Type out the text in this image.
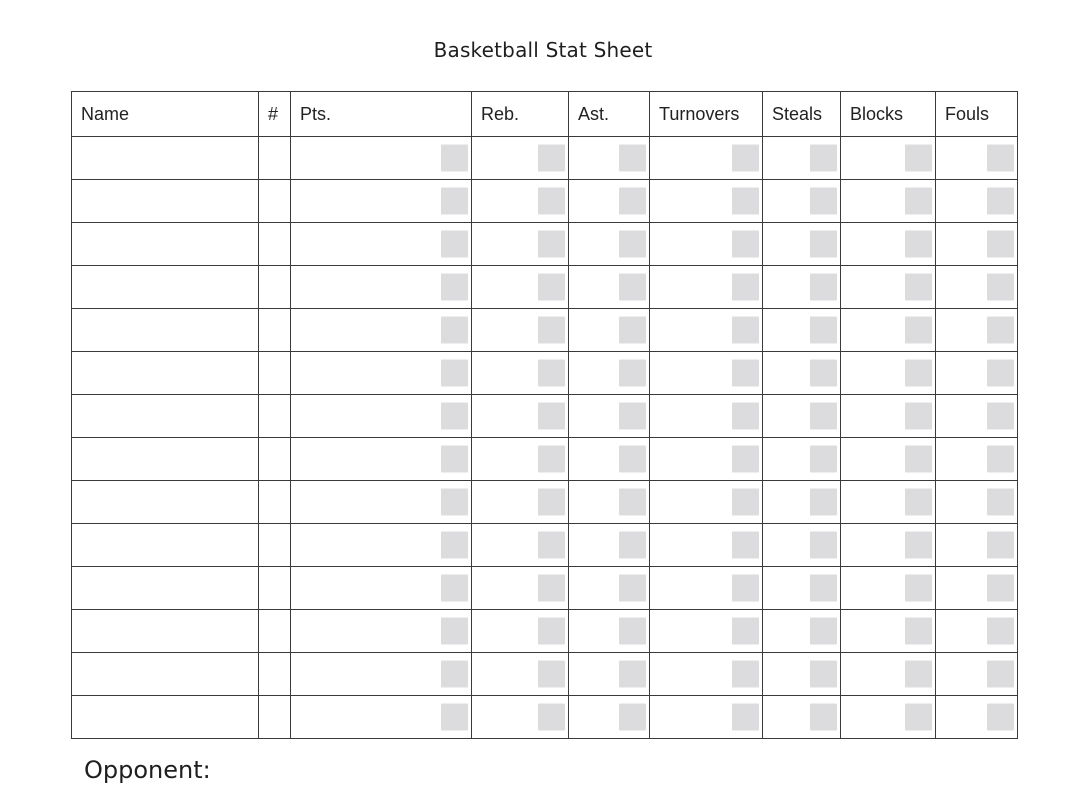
Basketball Stat Sheet
Name	#	Pts.	Reb.	Ast.	Turnovers	Steals	Blocks	Fouls

Opponent:
